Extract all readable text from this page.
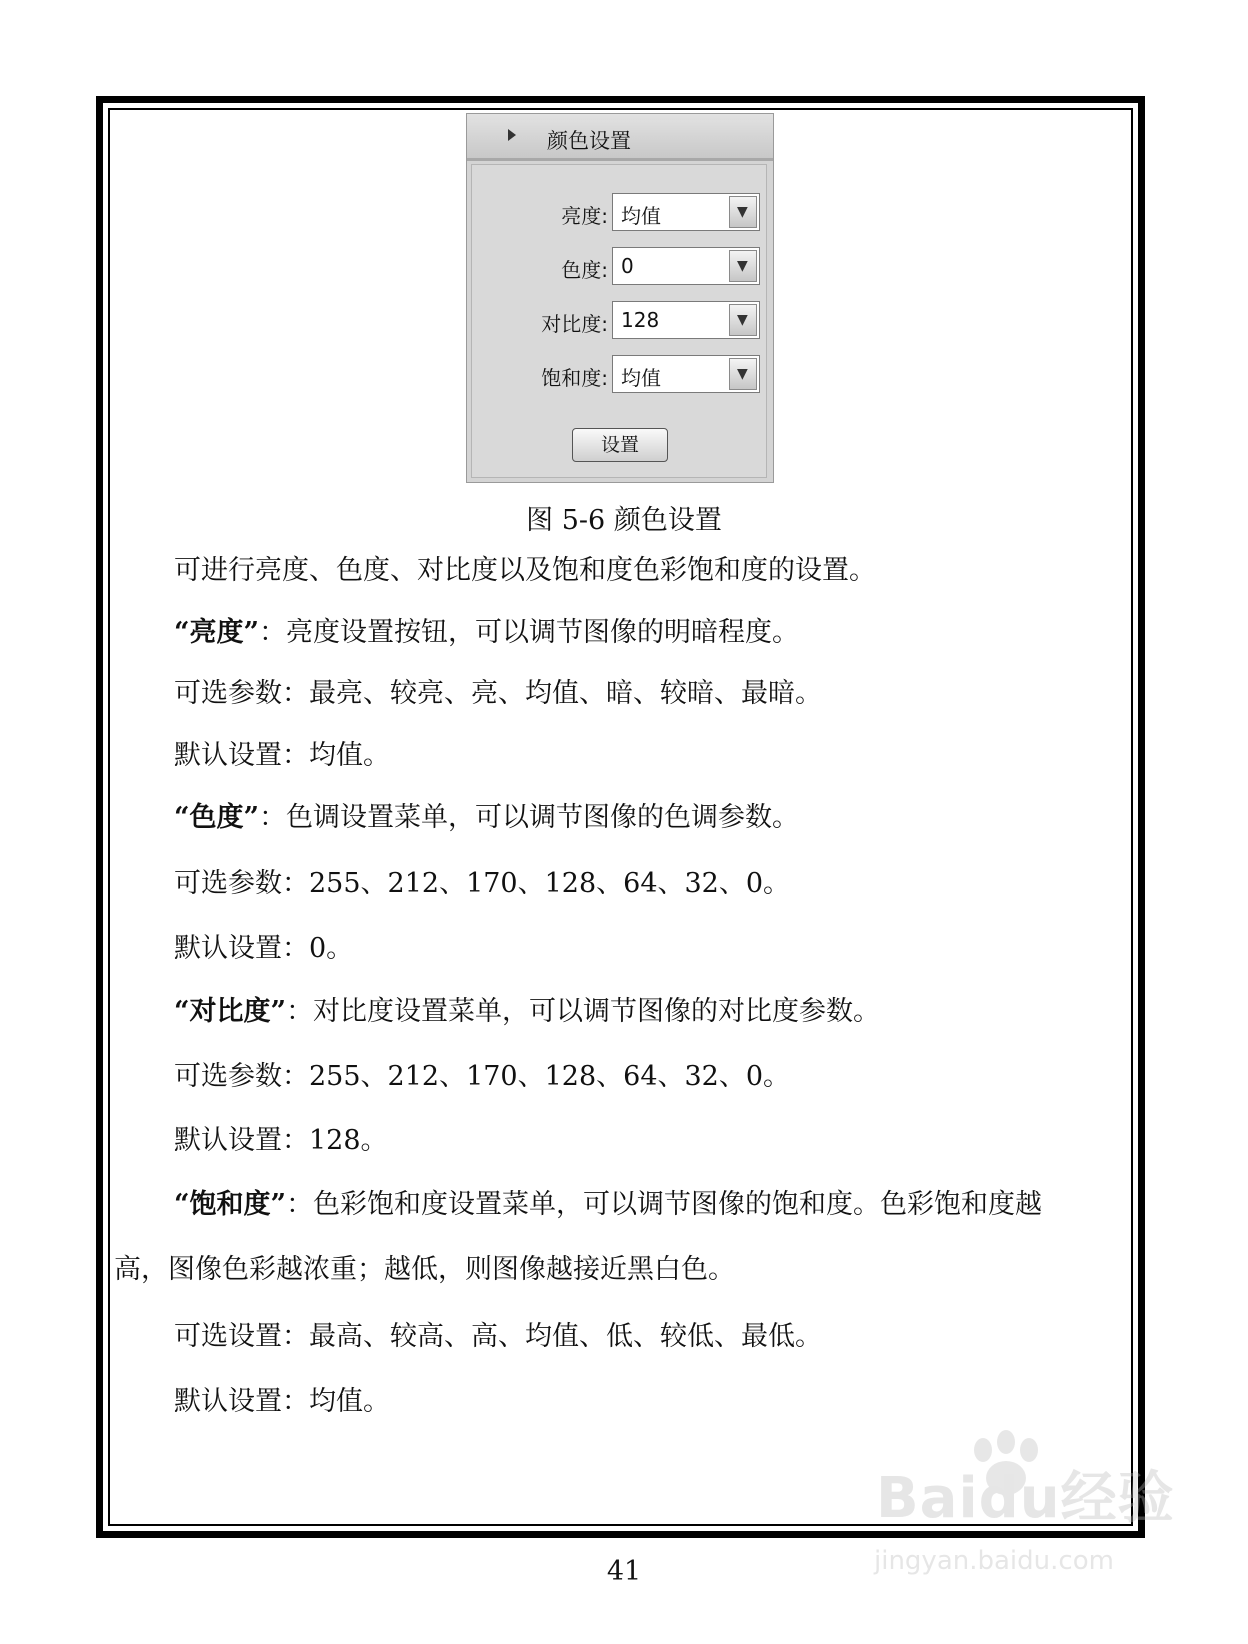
颜色设置
亮度: 均值	▼
色度: 0	▼
对比度: 128	▼
饱和度: 均值	▼
设置
图 5-6 颜色设置
可进行亮度、色度、对比度以及饱和度色彩饱和度的设置。
“亮度”：亮度设置按钮，可以调节图像的明暗程度。
可选参数：最亮、较亮、亮、均值、暗、较暗、最暗。
默认设置：均值。
“色度”：色调设置菜单，可以调节图像的色调参数。
可选参数：255、212、170、128、64、32、0。
默认设置：0。
“对比度”：对比度设置菜单，可以调节图像的对比度参数。
可选参数：255、212、170、128、64、32、0。
默认设置：128。
“饱和度”：色彩饱和度设置菜单，可以调节图像的饱和度。色彩饱和度越
高，图像色彩越浓重；越低，则图像越接近黑白色。
可选设置：最高、较高、高、均值、低、较低、最低。
默认设置：均值。
41
Baidu经验
jingyan.baidu.com
